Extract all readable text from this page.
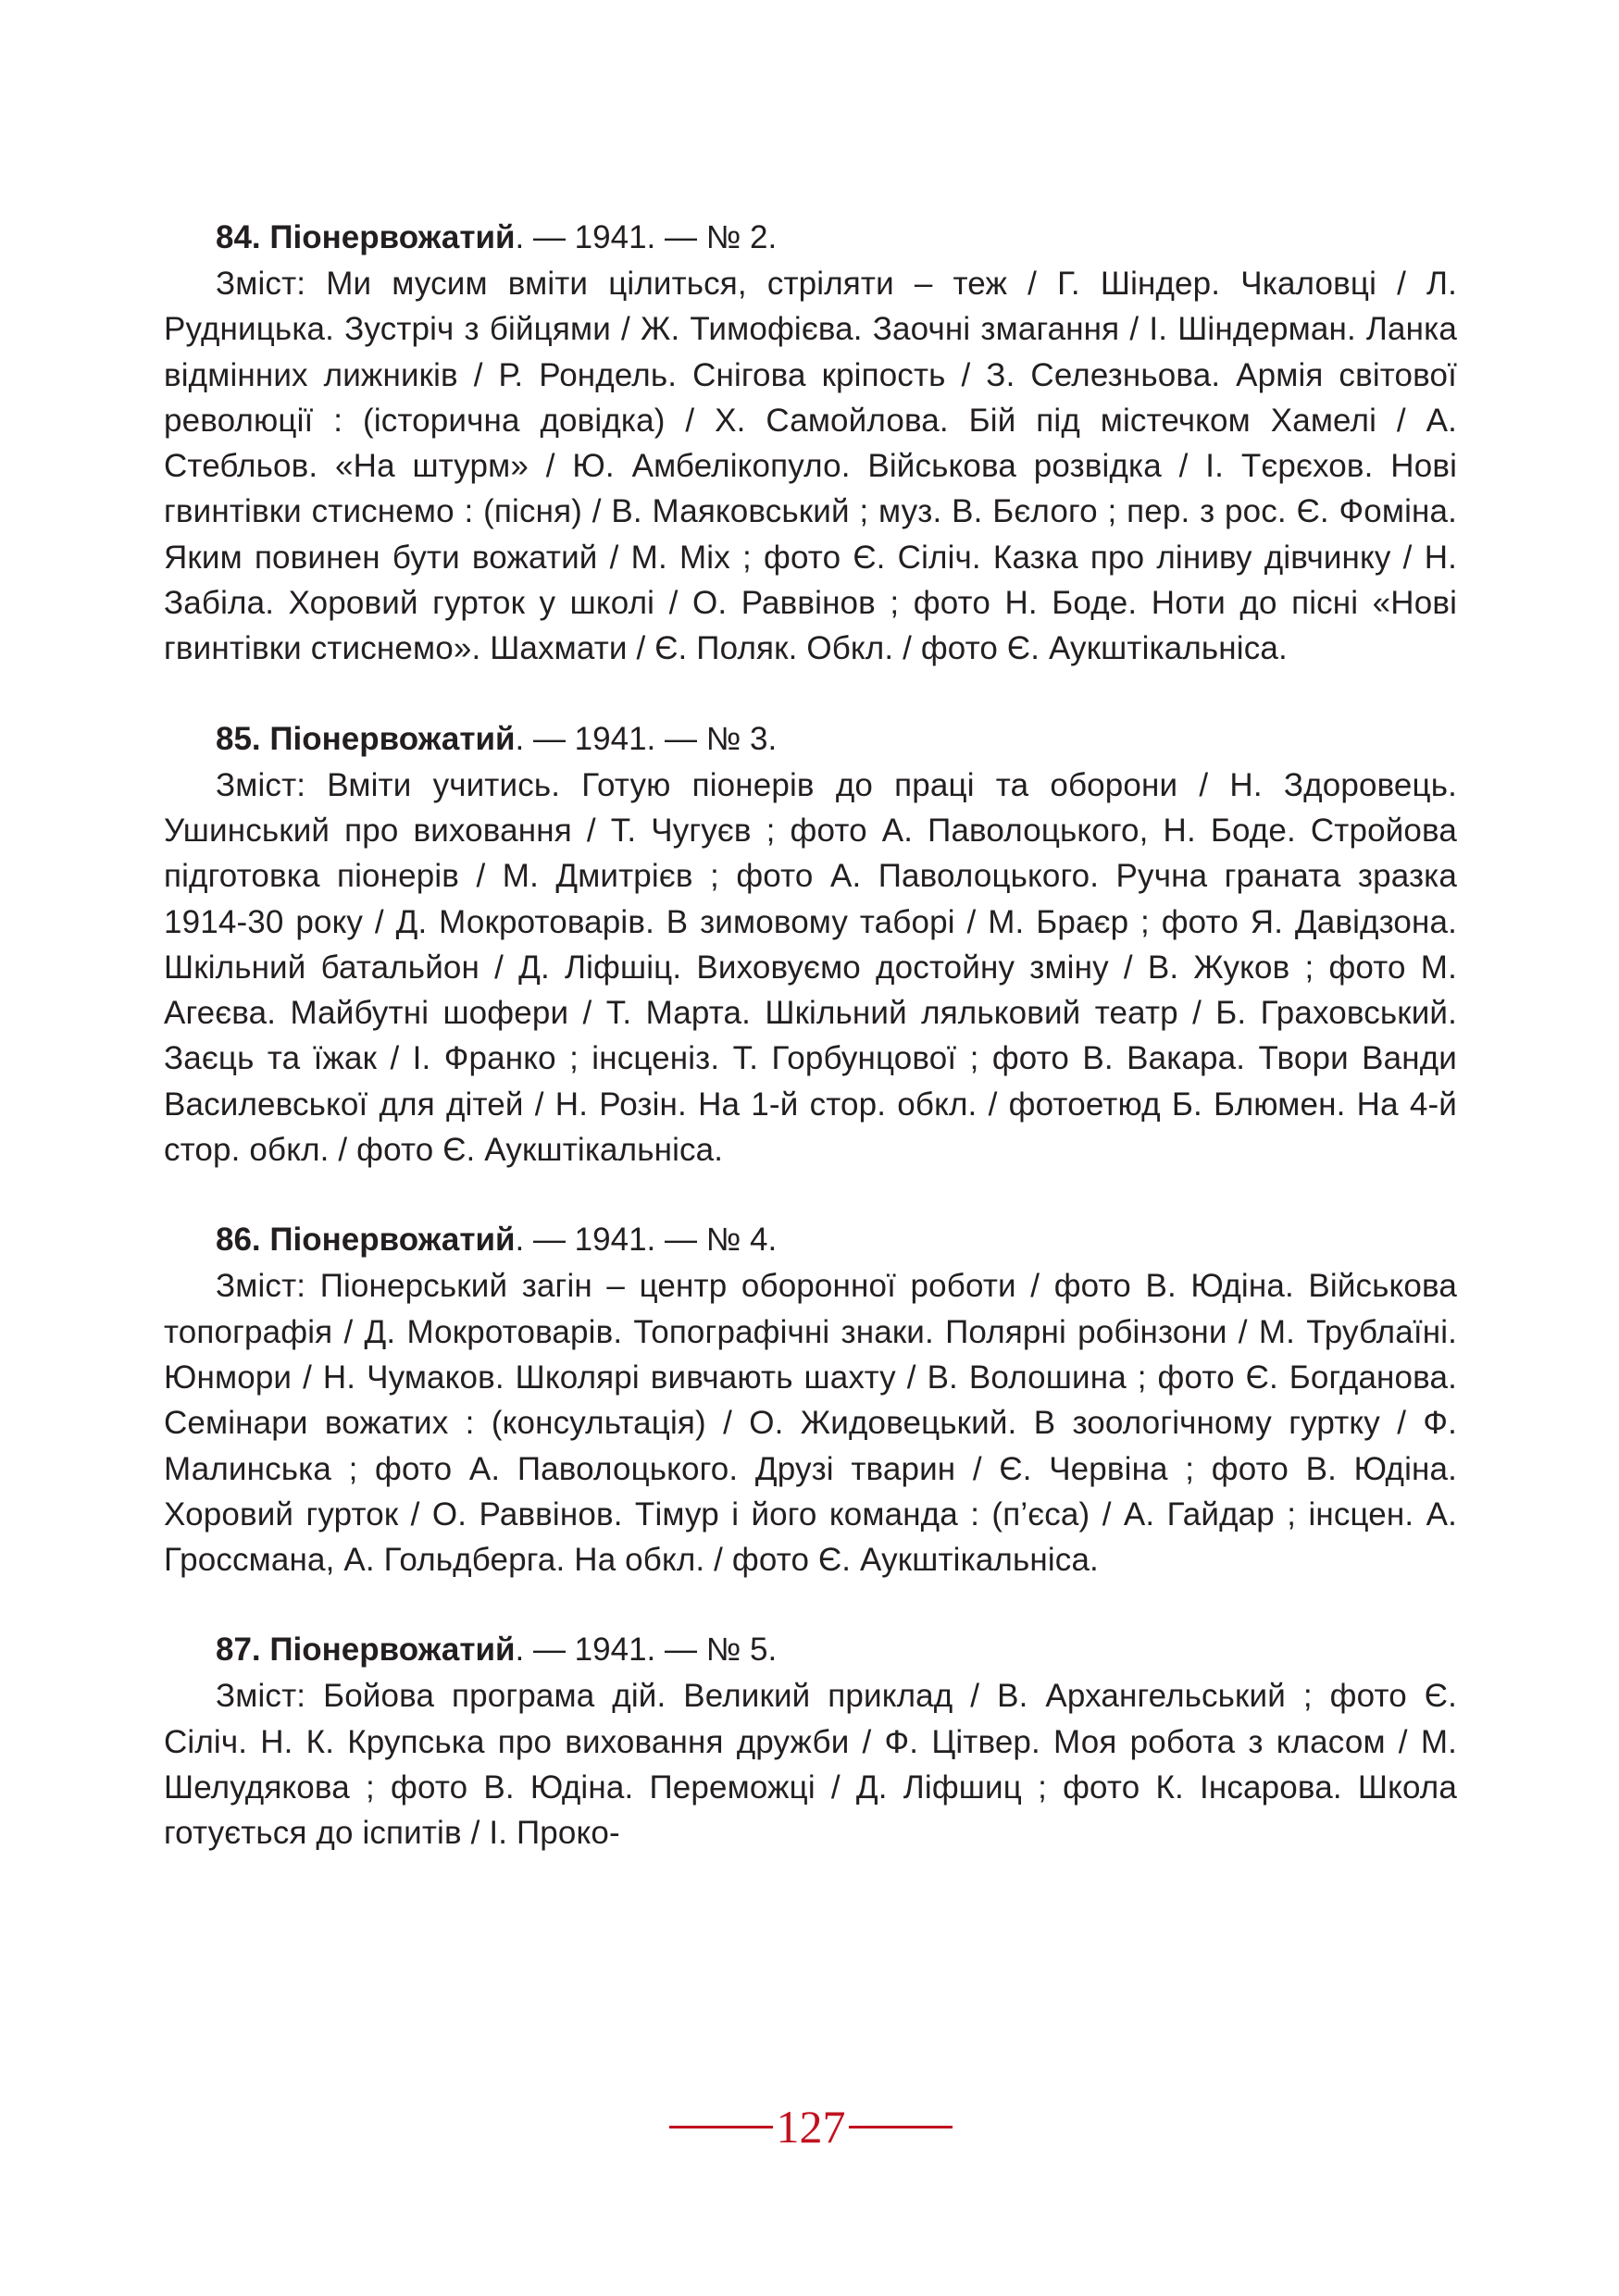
84. Піонервожатий. — 1941. — № 2.

Зміст: Ми мусим вміти цілиться, стріляти – теж / Г. Шіндер. Чкаловці / Л. Рудницька. Зустріч з бійцями / Ж. Тимофієва. Заочні змагання / І. Шіндерман. Ланка відмінних лижників / Р. Рондель. Снігова кріпость / З. Селезньова. Армія світової революції : (історична довідка) / Х. Самойлова. Бій під містечком Хамелі / А. Стебльов. «На штурм» / Ю. Амбелікопуло. Військова розвідка / І. Тєрєхов. Нові гвинтівки стиснемо : (пісня) / В. Маяковський ; муз. В. Бєлого ; пер. з рос. Є. Фоміна. Яким повинен бути вожатий / М. Міх ; фото Є. Сіліч. Казка про ліниву дівчинку / Н. Забіла. Хоровий гурток у школі / О. Раввінов ; фото Н. Боде. Ноти до пісні «Нові гвинтівки стиснемо». Шахмати / Є. Поляк. Обкл. / фото Є. Аукштікальніса.

85. Піонервожатий. — 1941. — № 3.

Зміст: Вміти учитись. Готую піонерів до праці та оборони / Н. Здоровець. Ушинський про виховання / Т. Чугуєв ; фото А. Паволоцького, Н. Боде. Стройова підготовка піонерів / М. Дмитрієв ; фото А. Паволоцького. Ручна граната зразка 1914-30 року / Д. Мокротоварів. В зимовому таборі / М. Браєр ; фото Я. Давідзона. Шкільний батальйон / Д. Ліфшіц. Виховуємо достойну зміну / В. Жуков ; фото М. Агеєва. Майбутні шофери / Т. Марта. Шкільний ляльковий театр / Б. Граховський. Заєць та їжак / І. Франко ; інсценіз. Т. Горбунцової ; фото В. Вакара. Твори Ванди Василевської для дітей / Н. Розін. На 1-й стор. обкл. / фотоетюд Б. Блюмен. На 4-й стор. обкл. / фото Є. Аукштікальніса.

86. Піонервожатий. — 1941. — № 4.

Зміст: Піонерський загін – центр оборонної роботи / фото В. Юдіна. Військова топографія / Д. Мокротоварів. Топографічні знаки. Полярні робінзони / М. Трублаїні. Юнмори / Н. Чумаков. Школярі вивчають шахту / В. Волошина ; фото Є. Богданова. Семінари вожатих : (консультація) / О. Жидовецький. В зоологічному гуртку / Ф. Малинська ; фото А. Паволоцького. Друзі тварин / Є. Червіна ; фото В. Юдіна. Хоровий гурток / О. Раввінов. Тімур і його команда : (п’єса) / А. Гайдар ; інсцен. А. Гроссмана, А. Гольдберга. На обкл. / фото Є. Аукштікальніса.

87. Піонервожатий. — 1941. — № 5.

Зміст: Бойова програма дій. Великий приклад / В. Архангельський ; фото Є. Сіліч. Н. К. Крупська про виховання дружби / Ф. Цітвер. Моя робота з класом / М. Шелудякова ; фото В. Юдіна. Переможці / Д. Ліфшиц ; фото К. Інсарова. Школа готується до іспитів / І. Проко-

127
